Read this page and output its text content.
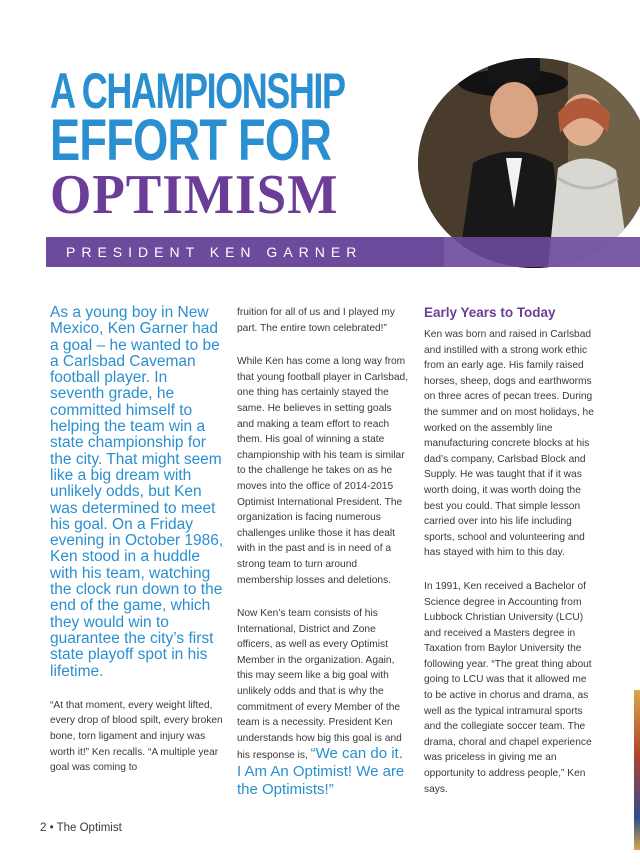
A CHAMPIONSHIP
EFFORT FOR
OPTIMISM
PRESIDENT KEN GARNER

As a young boy in New Mexico, Ken Garner had a goal – he wanted to be a Carlsbad Caveman football player. In seventh grade, he committed himself to helping the team win a state championship for the city. That might seem like a big dream with unlikely odds, but Ken was determined to meet his goal. On a Friday evening in October 1986, Ken stood in a huddle with his team, watching the clock run down to the end of the game, which they would win to guarantee the city’s first state playoff spot in his lifetime.

“At that moment, every weight lifted, every drop of blood spilt, every broken bone, torn ligament and injury was worth it!” Ken recalls. “A multiple year goal was coming to

fruition for all of us and I played my part. The entire town celebrated!”

While Ken has come a long way from that young football player in Carlsbad, one thing has certainly stayed the same. He believes in setting goals and making a team effort to reach them. His goal of winning a state championship with his team is similar to the challenge he takes on as he moves into the office of 2014-2015 Optimist International President. The organization is facing numerous challenges unlike those it has dealt with in the past and is in need of a strong team to turn around membership losses and deletions.

Now Ken’s team consists of his International, District and Zone officers, as well as every Optimist Member in the organization. Again, this may seem like a big goal with unlikely odds and that is why the commitment of every Member of the team is a necessity. President Ken understands how big this goal is and his response is, “We can do it. I Am An Optimist! We are the Optimists!”

Early Years to Today

Ken was born and raised in Carlsbad and instilled with a strong work ethic from an early age. His family raised horses, sheep, dogs and earthworms on three acres of pecan trees. During the summer and on most holidays, he worked on the assembly line manufacturing concrete blocks at his dad’s company, Carlsbad Block and Supply. He was taught that if it was worth doing, it was worth doing the best you could. That simple lesson carried over into his life including sports, school and volunteering and has stayed with him to this day.

In 1991, Ken received a Bachelor of Science degree in Accounting from Lubbock Christian University (LCU) and received a Masters degree in Taxation from Baylor University the following year. “The great thing about going to LCU was that it allowed me to be active in chorus and drama, as well as the typical intramural sports and the collegiate soccer team. The drama, choral and chapel experience was priceless in giving me an opportunity to address people,” Ken says.

2 • The Optimist
